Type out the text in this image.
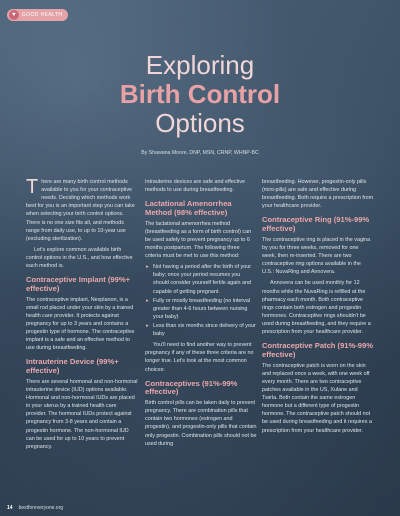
♥	GOOD HEALTH
Exploring
Birth Control
Options
By Shawana Moore, DNP, MSN, CRNP, WHNP-BC

There are many birth control methods available to you for your contraceptive needs. Deciding which methods work best for you is an important step you can take when selecting your birth control options. There is no one size fits all, and methods range from daily use, to up to 10-year use (excluding sterilization).

Let's explore common available birth control options in the U.S., and how effective each method is.

Contraceptive Implant (99%+ effective)

The contraceptive implant, Nexplanon, is a small rod placed under your skin by a trained health care provider. It protects against pregnancy for up to 3 years and contains a progestin type of hormone. The contraceptive implant is a safe and an effective method to use during breastfeeding.

Intrauterine Device (99%+ effective)

There are several hormonal and non-hormonal intrauterine device (IUD) options available. Hormonal and non-hormonal IUDs are placed in your uterus by a trained health care provider. The hormonal IUDs protect against pregnancy from 3-8 years and contain a progestin hormone. The non-hormonal IUD can be used for up to 10 years to prevent pregnancy.

Intrauterine devices are safe and effective methods to use during breastfeeding.

Lactational Amenorrhea Method (98% effective)

The lactational amenorrhea method (breastfeeding as a form of birth control) can be used safely to prevent pregnancy up to 6 months postpartum. The following three criteria must be met to use this method:

▸ Not having a period after the birth of your baby; once your period resumes you should consider yourself fertile again and capable of getting pregnant.
▸ Fully or mostly breastfeeding (no interval greater than 4-6 hours between nursing your baby)
▸ Less than six months since delivery of your baby

You'll need to find another way to prevent pregnancy if any of these three criteria are no longer true. Let's look at the most common choices:

Contraceptives (91%-99% effective)

Birth control pills can be taken daily to prevent pregnancy. There are combination pills that contain two hormones (estrogen and progestin), and progestin-only pills that contain only progestin. Combination pills should not be used during

breastfeeding. However, progestin-only pills (mini-pills) are safe and effective during breastfeeding. Both require a prescription from your healthcare provider.

Contraceptive Ring (91%-99% effective)

The contraceptive ring is placed in the vagina by you for three weeks, removed for one week, then re-inserted. There are two contraceptive ring options available in the U.S.: NuvaRing and Annovera.

Annovera can be used monthly for 12 months while the NuvaRing is refilled at the pharmacy each month. Both contraceptive rings contain both estrogen and progestin hormones. Contraceptive rings shouldn't be used during breastfeeding, and they require a prescription from your healthcare provider.

Contraceptive Patch (91%-99% effective)

The contraceptive patch is worn on the skin and replaced once a week, with one week off every month. There are two contraceptive patches available in the US, Xulane and Twirla. Both contain the same estrogen hormone but a different type of progestin hormone. The contraceptive patch should not be used during breastfeeding and it requires a prescription from your healthcare provider.

14 bestforeveryone.org
